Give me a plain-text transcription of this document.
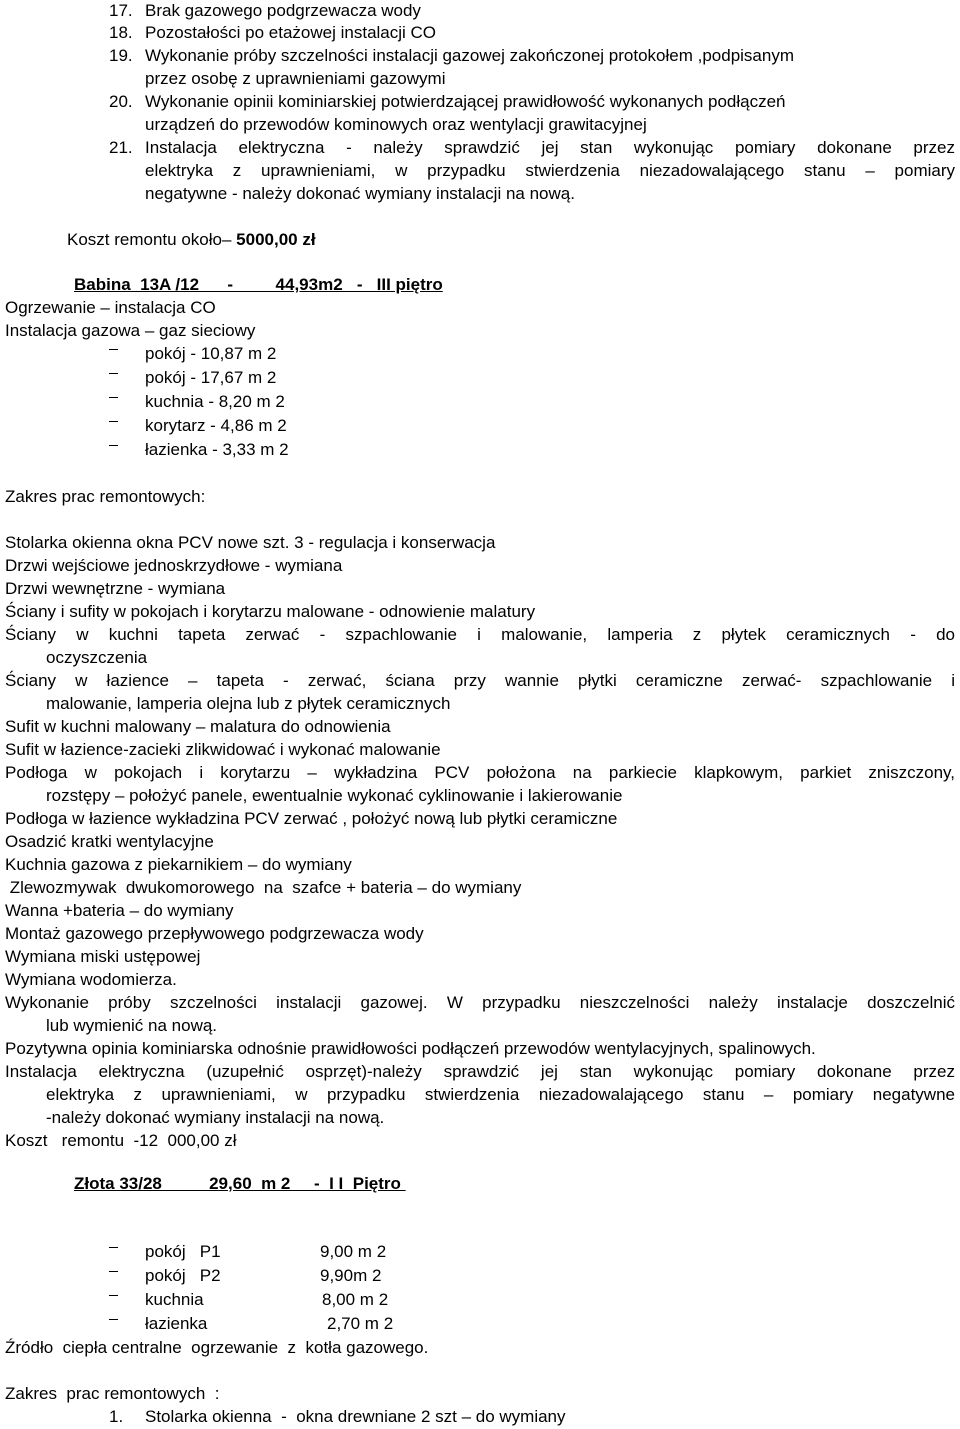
17. Brak gazowego podgrzewacza wody
18. Pozostałości po etażowej instalacji CO
19. Wykonanie próby szczelności instalacji gazowej zakończonej protokołem ,podpisanym
przez osobę z uprawnieniami gazowymi
20. Wykonanie opinii kominiarskiej potwierdzającej prawidłowość wykonanych podłączeń
urządzeń do przewodów kominowych oraz wentylacji grawitacyjnej
21. Instalacja elektryczna - należy sprawdzić jej stan wykonując pomiary dokonane przez
elektryka z uprawnieniami, w przypadku stwierdzenia niezadowalającego stanu – pomiary
negatywne - należy dokonać wymiany instalacji na nową.
Koszt remontu około– 5000,00 zł
Babina  13A /12      -         44,93m2   -   III piętro
Ogrzewanie – instalacja CO
Instalacja gazowa – gaz sieciowy
pokój - 10,87 m 2
pokój - 17,67 m 2
kuchnia - 8,20 m 2
korytarz - 4,86 m 2
łazienka - 3,33 m 2
Zakres prac remontowych:
Stolarka okienna okna PCV nowe szt. 3 - regulacja i konserwacja
Drzwi wejściowe jednoskrzydłowe - wymiana
Drzwi wewnętrzne - wymiana
Ściany i sufity w pokojach i korytarzu malowane - odnowienie malatury
Ściany w kuchni tapeta zerwać - szpachlowanie i malowanie, lamperia z płytek ceramicznych - do
oczyszczenia
Ściany w łazience – tapeta - zerwać, ściana przy wannie płytki ceramiczne zerwać- szpachlowanie i
malowanie, lamperia olejna lub z płytek ceramicznych
Sufit w kuchni malowany – malatura do odnowienia
Sufit w łazience-zacieki zlikwidować i wykonać malowanie
Podłoga w pokojach i korytarzu – wykładzina PCV położona na parkiecie klapkowym, parkiet zniszczony,
rozstępy – położyć panele, ewentualnie wykonać cyklinowanie i lakierowanie
Podłoga w łazience wykładzina PCV zerwać , położyć nową lub płytki ceramiczne
Osadzić kratki wentylacyjne
Kuchnia gazowa z piekarnikiem – do wymiany
Zlewozmywak  dwukomorowego  na  szafce + bateria – do wymiany
Wanna +bateria – do wymiany
Montaż gazowego przepływowego podgrzewacza wody
Wymiana miski ustępowej
Wymiana wodomierza.
Wykonanie próby szczelności instalacji gazowej. W przypadku nieszczelności należy instalacje doszczelnić
lub wymienić na nową.
Pozytywna opinia kominiarska odnośnie prawidłowości podłączeń przewodów wentylacyjnych, spalinowych.
Instalacja elektryczna (uzupełnić osprzęt)-należy sprawdzić jej stan wykonując pomiary dokonane przez
elektryka z uprawnieniami, w przypadku stwierdzenia niezadowalającego stanu – pomiary negatywne
-należy dokonać wymiany instalacji na nową.
Koszt   remontu  -12  000,00 zł
Złota 33/28          29,60  m 2     -  I I  Piętro
pokój   P1	9,00 m 2
pokój   P2	9,90m 2
kuchnia	8,00 m 2
łazienka	2,70 m 2
Źródło  ciepła centralne  ogrzewanie  z  kotła gazowego.
Zakres  prac remontowych  :
1. Stolarka okienna  -  okna drewniane 2 szt – do wymiany
